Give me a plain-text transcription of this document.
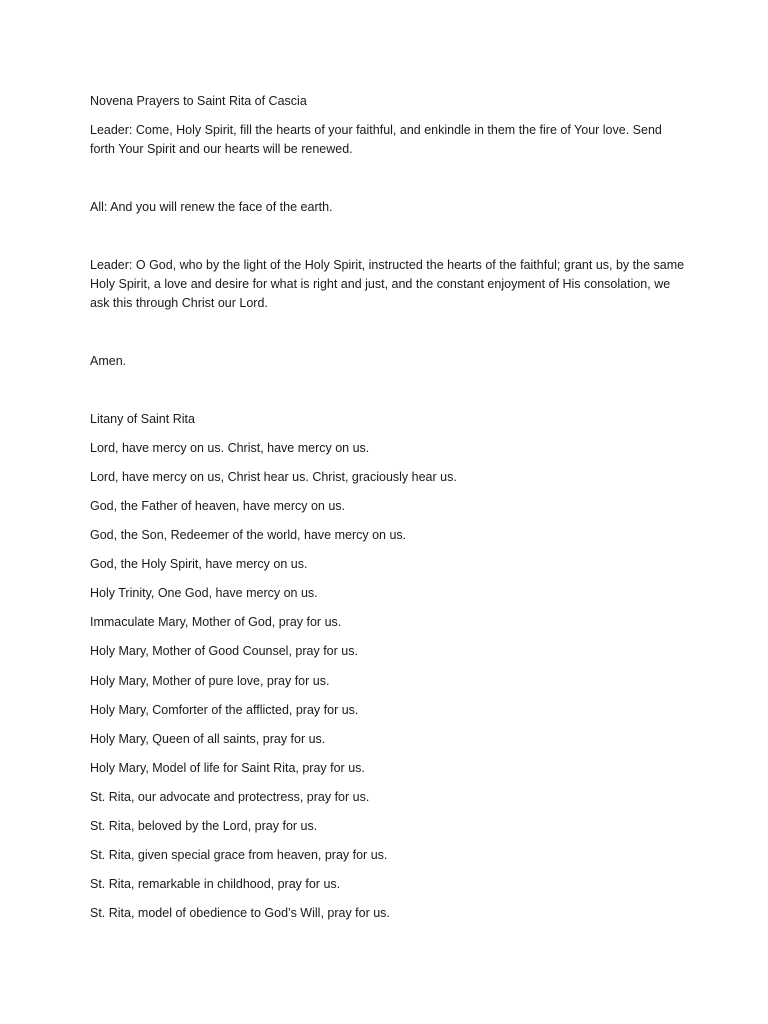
Novena Prayers to Saint Rita of Cascia
Leader: Come, Holy Spirit, fill the hearts of your faithful, and enkindle in them the fire of Your love. Send forth Your Spirit and our hearts will be renewed.
All: And you will renew the face of the earth.
Leader: O God, who by the light of the Holy Spirit, instructed the hearts of the faithful; grant us, by the same Holy Spirit, a love and desire for what is right and just, and the constant enjoyment of His consolation, we ask this through Christ our Lord.
Amen.
Litany of Saint Rita
Lord, have mercy on us. Christ, have mercy on us.
Lord, have mercy on us, Christ hear us. Christ, graciously hear us.
God, the Father of heaven, have mercy on us.
God, the Son, Redeemer of the world, have mercy on us.
God, the Holy Spirit, have mercy on us.
Holy Trinity, One God, have mercy on us.
Immaculate Mary, Mother of God, pray for us.
Holy Mary, Mother of Good Counsel, pray for us.
Holy Mary, Mother of pure love, pray for us.
Holy Mary, Comforter of the afflicted, pray for us.
Holy Mary, Queen of all saints, pray for us.
Holy Mary, Model of life for Saint Rita, pray for us.
St. Rita, our advocate and protectress, pray for us.
St. Rita, beloved by the Lord, pray for us.
St. Rita, given special grace from heaven, pray for us.
St. Rita, remarkable in childhood, pray for us.
St. Rita, model of obedience to God’s Will, pray for us.
